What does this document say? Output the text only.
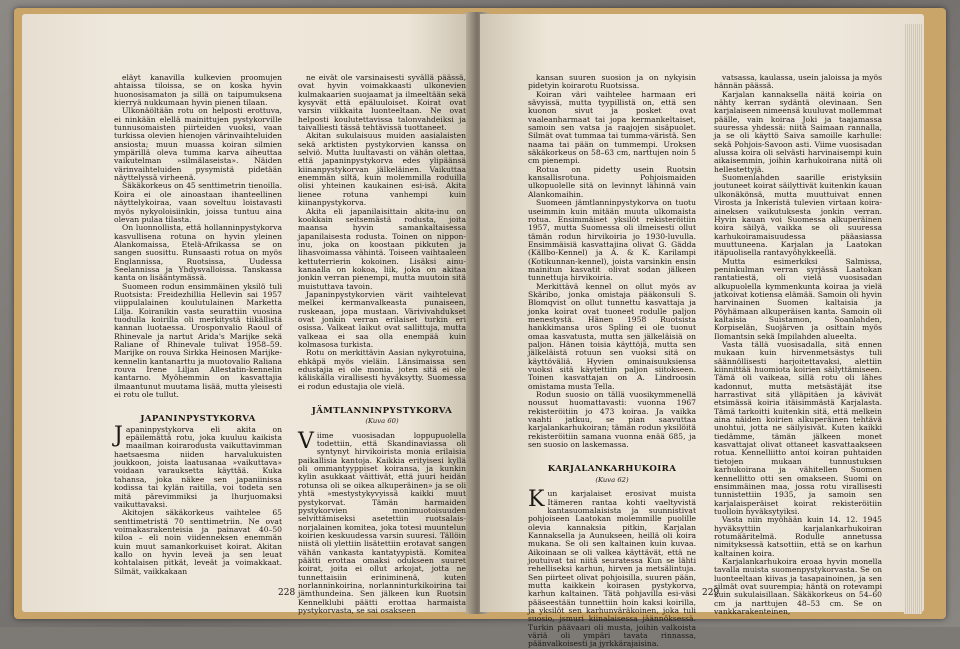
eläyt kanavilla kulkevien proomujen ahtaissa tiloissa, se on koska hyvin huonosisamaton ja sillä on taipumuksena kierryä nukkumaan hyvin pienen tilaan.

Ulkonäöltään rotu on helposti erottuva, ei ninkään elellä mainittujen pystykorville tunnusomaisten piirteiden vuoksi, vaan turkissa olevien hienojen värinvaihteluiden ansiosta; muun muassa koiran silmien ympärillä oleva tumma karva aiheuttaa vaikutelman »silmälaseista». Näiden värinvaihteluiden pysymistä pidetään näyttelyssä virheenä.

Säkäkorkeus on 45 senttimetrin tienoilla. Koira ei ole ainoastaan ihanteellinen näyttelykoiraa, vaan soveltuu loistavasti myös nykyoloisiinkin, joissa tuntuu aina olevan pulaa tilasta.

On luonnollista, että hollanninpystykorva kasvullisena rotuna on hyvin yleinen Alankomaissa, Etelä-Afrikassa se on sangen suosittu. Runsaasti rotua on myös Englannissa, Ruotsissa, Uudessa Seelannissa ja Yhdysvalloissa. Tanskassa kanta on lisääntymässä.

Suomeen rodun ensimmäinen yksilö tuli Ruotsista: Freidezhillia Hellevin sai 1957 viippulalainen koulutulainen Marketta Lilja. Koiranikin vasta seurattiin vuosina tuodulla koirilla oli merkitystä tiikällistä kannan luotaessa. Urosponvalio Raoul of Rhinevale ja nartut Arida's Marijke sekä Raliane of Rhinevale tulivat 1958–59. Marijke on rouva Sirkka Heinosen Marijke-kennelin kantanarttu ja muotovalio Raliana rouva Irene Liljan Allestatin-kennelin kantarno. Myöhemmin on kasvattajia ilmaantunut muutama lisää, mutta yleisesti ei rotu ole tullut.

JAPANINPYSTYKORVA

Japaninpystykorva eli akita on epäilemättä rotu, joka kuuluu kaikista maailman koirarodusta vaikuttavimman haetsaesma niiden harvalukuisten joukkoon, joista laatusanaa »vaikuttava» voidaan varauksetta käyttää. Kuka tahansa, joka näkee sen japaniinissa kodissa tai kylän raitilla, voi todeta sen mitä pärevimmiksi ja lhurjuomaksi vaikuttavaksi.

Akitojen säkäkorkeus vaihtelee 65 senttimetristä 70 senttimetriin. Ne ovat voimakasrakenteisia ja painavat 40–50 kiloa – eli noin viidenneksen enemmän kuin muut samankorkuiset koirat. Akitan kallo on hyvin leveä ja sen leuat kohtalaisen pitkät, leveät ja voimakkaat. Silmät, vaikkakaan

ne eivät ole varsinaisesti syvällä päässä, ovat hyvin voimakkaasti ulkonevien kulmakaarien suojaamat ja ilmeeltään sekä kysyvät että epäluuloiset. Koirat ovat varsin viikkaita luonteeltaan. Ne ovat helposti koulutettavissa talonvahdeiksi ja taivalliesti tässä tehtävissä tuottaneet.

Akitan sukulaisuus muiden aasialaisten sekä arktisten pystykorvien kanssa on selviö. Mutta luultavasti on vähän olettaa, että japaninpystykorva edes ylipäänsä kiinanpystykorvan jälkeläinen. Vaikuttaa enemmän siltä, kuin molemmilla roduilla olisi yhteinen kaukainen esi-isä. Akita lienee rotuna vanhempi kuin kiinanpystykorva.

Akita eli japanilaisittain akita-inu on kookkain seitsemästä rodusta, joita maansa hyvin samankaltaisessa japanilaisesta rodusta. Toinen on nippon-inu, joka on koostaan pikkuten ja lihasvoimassa vähintä. Toiseen vaihtaaleen kettuterrierin kokoinen. Lisäksi ainu-kanaalla on kokoa, liik, joka on akitaa jonkin verran pienempi, mutta muutoin sitä muistuttava tavoin.

Japaninpystykorvien värit vaihtelevat melkei kermanvalkeasta punaiseen, ruskeaan, jopa mustaan. Värivivahdukset ovat jonkin verran erilaiset turkin eri osissa. Valkeat laikut ovat sallittuja, mutta valkeaa ei saa olla enempää kuin kolmasosa turkista.

Rotu on merkittävin Aasian nykyrotuina, ehkäpä myös vieläin. Länsimaissa sen edustajia ei ole monia. joten sitä ei ole käliskälla virallisesti hyväksytty. Suomessa ei rodun edustajia ole vielä.

JÄMTLANNINPYSTYKORVA
(Kuva 60)

Viime vuosisadan loppupuolella todettiin, että Skandinaviassa oli syntynyt hirvikoirista monia erilaisia paikallisia kantoja. Kaikkia erityisesi kyllä oli ommantyyppiset koiransa, ja kunkin kylin asukkaat väittivät, että juuri heidän rotunsa oli se oikea alkuperäinen» ja se oli yhtä »mestystykyvyissä kaikki muut pystykorvat. Tämän harmaiden pystykorvien monimuotoisuuden selvittämiseksi asetettiin ruotsalais-norjalainen komitea, joka totesi muuntelun koirien keskuudessa varsin suuresi. Tällöin niistä oli ylettiin lisätettiin erotavat sangen vähän vankasta kantatyypistä. Komitea päätti erottaa omaksi odukseen suuret koirat, joita ei ollut arkojat, jotta ne tunnettaisiin eriniminenä, kuten norlanninkoirina, norlanninturkikoirina tai jämthundeina. Sen jälkeen kun Ruotsin Kennelklubi päätti erottaa harmaista pystykorvasta, se sai osakseen

228

kansan suuren suosion ja on nykyisin pidetyin koirarotu Ruotsissa.

Koiran väri vaihtelee harmaan eri sävyissä, mutta tyypillistä on, että sen kuonon sivut ja posket ovat vaaleanharmaat tai jopa kermankeltaiset, samoin sen vatsa ja raajojen sisäpuolet. Silmät ovat tummaa tai tumma-väristä. Sen naama tai pään on tummempi. Uroksen säkäkorkeus on 58–63 cm, narttujen noin 5 cm pienempi.

Rotua on pidetty usein Ruotsin kansallisrotuna. Pohjoismaiden ulkopuolelle sitä on levinnyt lähinnä vain Alankomaihin.

Suomeen jämtlanninpystykorva on tuotu useimmin kuin mitään muuta ulkomaista rotua. Ensimmäiset yksilöt rekisteröitiin 1957, mutta Suomessa oli ilmeisesti ollut tämän rodun hirvikoiria jo 1930-luvulla. Ensimmäisiä kasvattajina olivat G. Gädda (Källbo-Kennel) ja A. & K. Karilampi (Kotikunnan-kennel), joista varsinkin ensin mainitun kasvatit olivat sodan jälkeen tunnettuja hirvikoiria.

Merkittävä kennel on ollut myös av Skäribo, jonka omistaja pääkonsuli S. Blomqvist on ollut tunnettu kasvattaja ja jonka koirat ovat tuoneet rodulle paljon menestystä. Hänen 1958 Ruotsista hankkimansa uros Spling ei ole tuonut omaa kasvatusta, mutta sen jälkeläisiä on paljon. Hänen toisia käyttöjä, mutta sen jälkeläistä rotuun sen vuoksi sitä on käyttöväliä. Hyvien ominaisuuksiensa vuoksi sitä käytettiin paljon siitokseen. Toinen kasvattajan on A. Lindroosin omistama musta Tella.

Rodun suosio on tällä vuosikymmenellä noussut huomattavasti: vuonna 1967 rekisteröitiin jo 473 koiraa. Ja vaikka vaahti jatkuu, se pian saavuttaa karjalankarhukoiran; tämän rodun yksilöitä rekisteröitiin samana vuonna enää 685, ja sen suosio on laskemassa.

KARJALANKARHUKOIRA
(Kuva 62)

Kun karjalaiset erosivat muista Itämeren rantaa kohti vaeltyvistä kantasuomalaisista ja suunnistivat pohjoiseen Laatokan molemmille puolille olevia kannaksia pitkin, Karjalan Kannaksella ja Aunukseen, heillä oli koira mukana. Se oli sen kaltainen kuin kuvaa. Aikoinaan se oli valkea käyttävät, että ne joutuivat tai niitä seuratessa Kun se lähti rehelliseksi karhun, hirven ja metsälintuja. Sen piirteet olivat pohjoisilla, suuren pään, mutta kaikkein koirasen pystykorva, karhun kaltainen. Tätä pohjavilla esi-väsi pääseestään tunnettiin hoin kaksi koirilla, ja yksilöt sen karhunväräkoinen, joka tuli suosio, jsmuri kiinalaisessa jäännöksessä. Turkin päävaari oli musta, joihin valkoista väriä oli ympäri tavata rinnassa, päänvalkoisesti ja jyrkkärajaisina.

vatsassa, kaulassa, usein jaloissa ja myös hännän päässä.

Karjalan kannaksella näitä koiria on nähty kerran sydäntä olevinaan. Sen karjalaiseen nimeensä kuuluvat mollemmat päälle, vain koiraa Joki ja taajamassa suuressa yhdessä: niitä Saimaan rannalla, ja se oli käyttö Saiva samoille karhulle: sekä Pohjois-Savoon asti. Viime vuosisadan alussa koira oli selvästi harvinaisempi kuin aikaisemmin, joihin karhukoirana niitä oli hellestettyjä.

Suomenlahden saarille eristyksiin joutuneet koirat säilyttivät kuitenkin kauan ulkonäkönsä, mutta muuttuivat ennen Virosta ja Inkeristä tulevien virtaan koira-aineksen vaikutuksesta jonkin verran. Hyvin kauan voi Suomessa alkuperäinen koira säilyä, vaikka se oli suuressa karhukoiramaisuudessa pääasiassa muuttuneena. Karjalan ja Laatokan itäpuolisella rantavyöhykkeellä.

Mutta esimerkiksi Salmissa, peninkulman verran syrjässä Laatokan rantatiestä, oli vielä vuosisadan alkupuolella kymmenkunta koiraa ja vielä jatkoivat kotiensa elämää. Samoin oli hyvin harvinainen Suomen kaltaisia ja Pöyhämaan alkuperäisen kanta. Samoin oli kaltaisia Suistamon, Soanlahden, Korpiselän, Suojärven ja osittain myös Ilomantsin sekä Impilahden alueelta.

Vasta tällä vuosisadalla, sitä ennen mukaan kuin hirvenmetsästys tuli säännöllisesti harjoitettavaksi, alettiin kiinnittää huomiota koirien säilyttämiseen. Tämä oli vaikeaa, sillä rotu oli lähes kadonnut, mutta metsästäjät itse harrastivat sitä ylläpitäen ja kävivät etsimässä koiria itäisimmästä Karjalasta. Tämä tarkoitti kuitenkin sitä, että melkein aina näiden koirien alkuperäinen tehtävä unohtui, jotta ne säilyisivät. Kuten kaikki tiedämme, tämän jälkeen monet kasvattajat olivat ottaneet kasvattaakseen rotua. Kennelliitto antoi koiran puhtaiden tietojen mukaan tunnustuksen karhukoirana ja vähitellen Suomen kennellitto otti sen omakseen. Suomi on ensimmäinen maa, jossa rotu virallisesti tunnistettiin 1935, ja samoin sen karjalaisperäiset koirat rekisteröitiin tuolloin hyväksytyiksi.

Vasta niin myöhään kuin 14. 12. 1945 hyväksyttiin karjalankarhukoiran rotumääritelmä. Rodulle annetussa nimityksessä katsottiin, että se on karhun kaltainen koira.

Karjalankarhukoira eroaa hyvin monella tavalla muista suomenpystykorvasta. Se on luonteeltaan kiivas ja tasapainoinen, ja sen silmät ovat suurempia; häntä on rotevampi kuin sukulaisillaan. Säkäkorkeus on 54–60 cm ja narttujen 48–53 cm. Se on vankkarakenteinen,

229
